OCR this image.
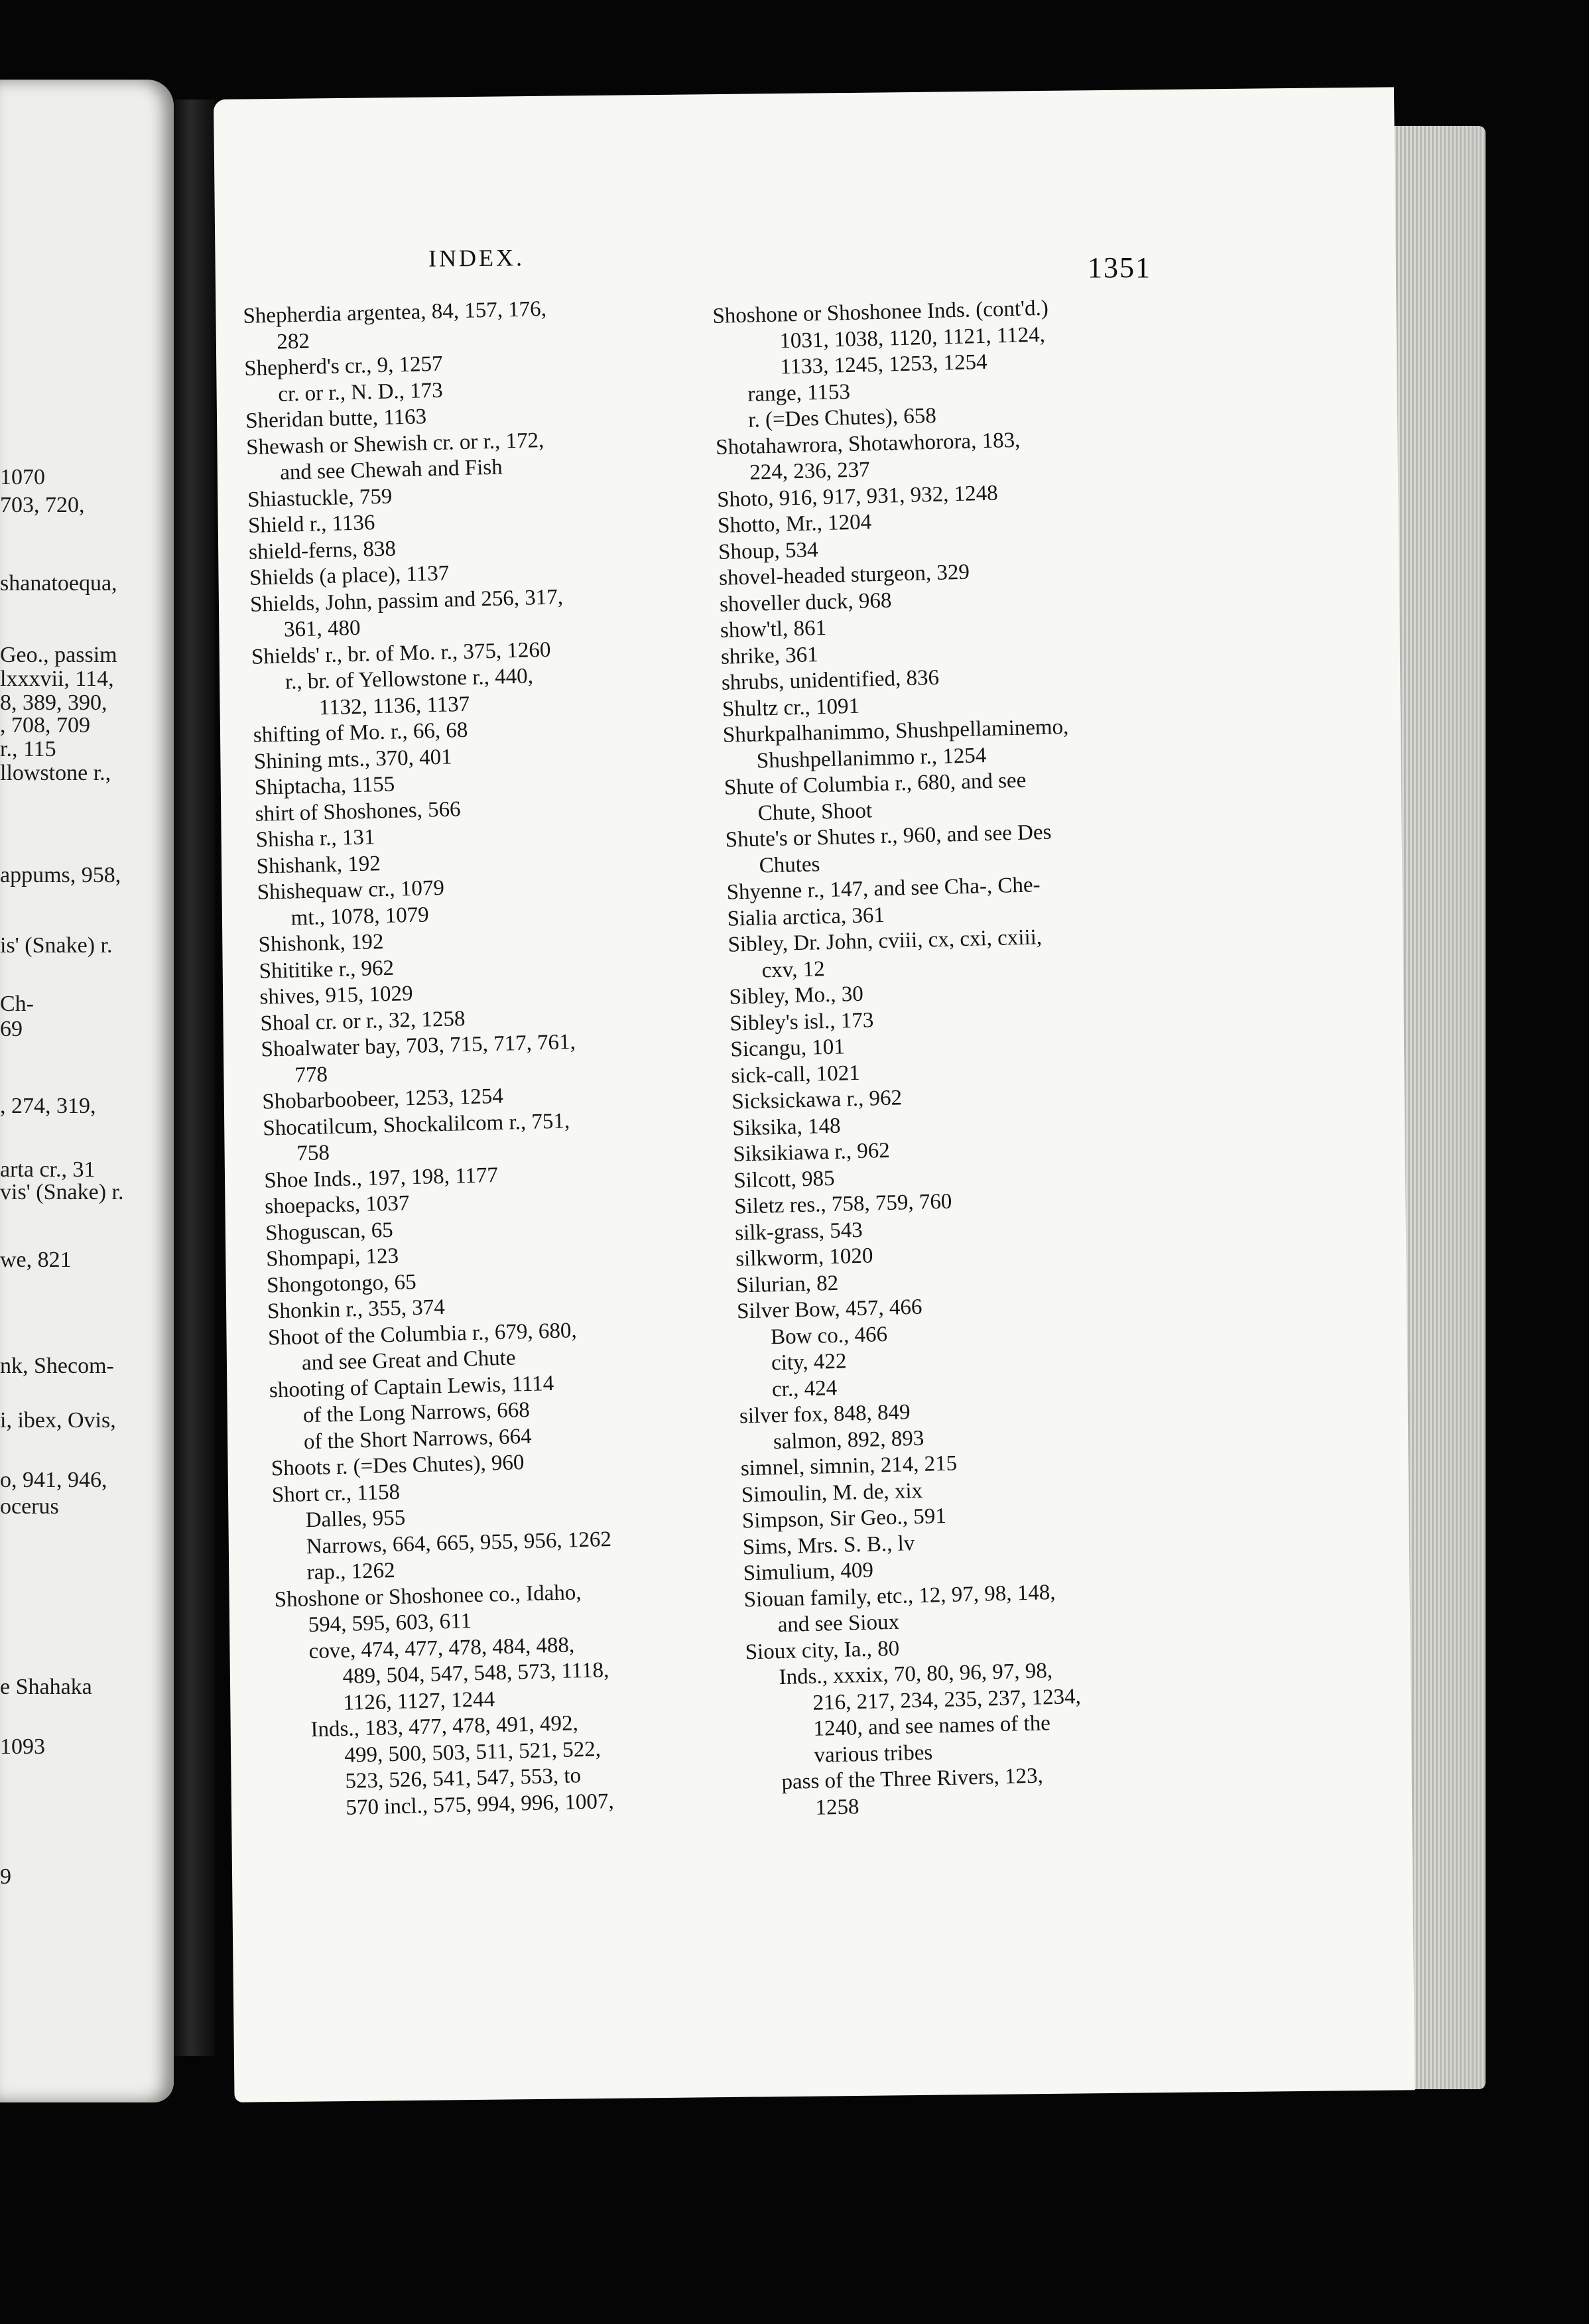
1070
703, 720,
shanatoequa,
Geo., passim
lxxxvii, 114,
8, 389, 390,
, 708, 709
r., 115
llowstone r.,
appums, 958,
is' (Snake) r.
Ch-
69
, 274, 319,
arta cr., 31
vis' (Snake) r.
we, 821
nk, Shecom-
i, ibex, Ovis,
o, 941, 946,
ocerus
e Shahaka
1093
9
INDEX.	1351
Shepherdia argentea, 84, 157, 176,
282
Shepherd's cr., 9, 1257
cr. or r., N. D., 173
Sheridan butte, 1163
Shewash or Shewish cr. or r., 172,
and see Chewah and Fish
Shiastuckle, 759
Shield r., 1136
shield-ferns, 838
Shields (a place), 1137
Shields, John, passim and 256, 317,
361, 480
Shields' r., br. of Mo. r., 375, 1260
r., br. of Yellowstone r., 440,
1132, 1136, 1137
shifting of Mo. r., 66, 68
Shining mts., 370, 401
Shiptacha, 1155
shirt of Shoshones, 566
Shisha r., 131
Shishank, 192
Shishequaw cr., 1079
mt., 1078, 1079
Shishonk, 192
Shititike r., 962
shives, 915, 1029
Shoal cr. or r., 32, 1258
Shoalwater bay, 703, 715, 717, 761,
778
Shobarboobeer, 1253, 1254
Shocatilcum, Shockalilcom r., 751,
758
Shoe Inds., 197, 198, 1177
shoepacks, 1037
Shoguscan, 65
Shompapi, 123
Shongotongo, 65
Shonkin r., 355, 374
Shoot of the Columbia r., 679, 680,
and see Great and Chute
shooting of Captain Lewis, 1114
of the Long Narrows, 668
of the Short Narrows, 664
Shoots r. (=Des Chutes), 960
Short cr., 1158
Dalles, 955
Narrows, 664, 665, 955, 956, 1262
rap., 1262
Shoshone or Shoshonee co., Idaho,
594, 595, 603, 611
cove, 474, 477, 478, 484, 488,
489, 504, 547, 548, 573, 1118,
1126, 1127, 1244
Inds., 183, 477, 478, 491, 492,
499, 500, 503, 511, 521, 522,
523, 526, 541, 547, 553, to
570 incl., 575, 994, 996, 1007,
Shoshone or Shoshonee Inds. (cont'd.)
1031, 1038, 1120, 1121, 1124,
1133, 1245, 1253, 1254
range, 1153
r. (=Des Chutes), 658
Shotahawrora, Shotawhorora, 183,
224, 236, 237
Shoto, 916, 917, 931, 932, 1248
Shotto, Mr., 1204
Shoup, 534
shovel-headed sturgeon, 329
shoveller duck, 968
show'tl, 861
shrike, 361
shrubs, unidentified, 836
Shultz cr., 1091
Shurkpalhanimmo, Shushpellaminemo,
Shushpellanimmo r., 1254
Shute of Columbia r., 680, and see
Chute, Shoot
Shute's or Shutes r., 960, and see Des
Chutes
Shyenne r., 147, and see Cha-, Che-
Sialia arctica, 361
Sibley, Dr. John, cviii, cx, cxi, cxiii,
cxv, 12
Sibley, Mo., 30
Sibley's isl., 173
Sicangu, 101
sick-call, 1021
Sicksickawa r., 962
Siksika, 148
Siksikiawa r., 962
Silcott, 985
Siletz res., 758, 759, 760
silk-grass, 543
silkworm, 1020
Silurian, 82
Silver Bow, 457, 466
Bow co., 466
city, 422
cr., 424
silver fox, 848, 849
salmon, 892, 893
simnel, simnin, 214, 215
Simoulin, M. de, xix
Simpson, Sir Geo., 591
Sims, Mrs. S. B., lv
Simulium, 409
Siouan family, etc., 12, 97, 98, 148,
and see Sioux
Sioux city, Ia., 80
Inds., xxxix, 70, 80, 96, 97, 98,
216, 217, 234, 235, 237, 1234,
1240, and see names of the
various tribes
pass of the Three Rivers, 123,
1258
